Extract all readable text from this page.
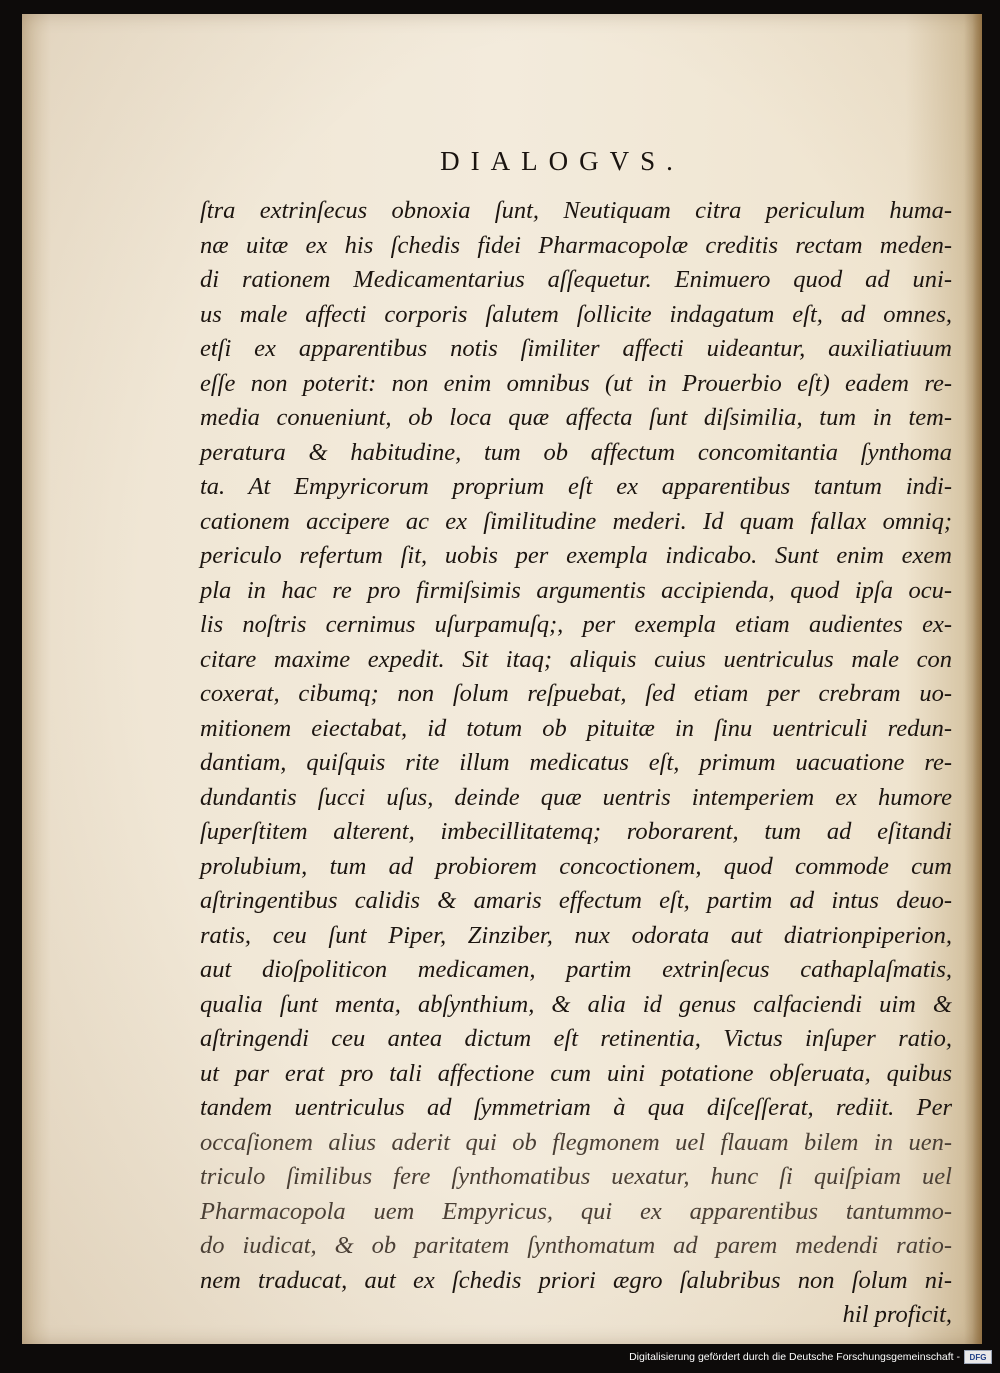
DIALOGVS.
ſtra extrinſecus obnoxia ſunt, Neutiquam citra periculum huma-
næ uitæ ex his ſchedis fidei Pharmacopolæ creditis rectam meden-
di rationem Medicamentarius aſſequetur. Enimuero quod ad uni-
us male affecti corporis ſalutem ſollicite indagatum eſt, ad omnes,
etſi ex apparentibus notis ſimiliter affecti uideantur, auxiliatiuum
eſſe non poterit: non enim omnibus (ut in Prouerbio eſt) eadem re-
media conueniunt, ob loca quæ affecta ſunt diſsimilia, tum in tem-
peratura & habitudine, tum ob affectum concomitantia ſynthoma
ta. At Empyricorum proprium eſt ex apparentibus tantum indi-
cationem accipere ac ex ſimilitudine mederi. Id quam fallax omniq;
periculo refertum ſit, uobis per exempla indicabo. Sunt enim exem
pla in hac re pro firmiſsimis argumentis accipienda, quod ipſa ocu-
lis noſtris cernimus uſurpamuſq;, per exempla etiam audientes ex-
citare maxime expedit. Sit itaq; aliquis cuius uentriculus male con
coxerat, cibumq; non ſolum reſpuebat, ſed etiam per crebram uo-
mitionem eiectabat, id totum ob pituitæ in ſinu uentriculi redun-
dantiam, quiſquis rite illum medicatus eſt, primum uacuatione re-
dundantis ſucci uſus, deinde quæ uentris intemperiem ex humore
ſuperſtitem alterent, imbecillitatemq; roborarent, tum ad eſitandi
prolubium, tum ad probiorem concoctionem, quod commode cum
aſtringentibus calidis & amaris effectum eſt, partim ad intus deuo-
ratis, ceu ſunt Piper, Zinziber, nux odorata aut diatrionpiperion,
aut dioſpoliticon medicamen, partim extrinſecus cathaplaſmatis,
qualia ſunt menta, abſynthium, & alia id genus calfaciendi uim &
aſtringendi ceu antea dictum eſt retinentia, Victus inſuper ratio,
ut par erat pro tali affectione cum uini potatione obſeruata, quibus
tandem uentriculus ad ſymmetriam à qua diſceſſerat, rediit. Per
occaſionem alius aderit qui ob flegmonem uel flauam bilem in uen-
triculo ſimilibus fere ſynthomatibus uexatur, hunc ſi quiſpiam uel
Pharmacopola uem Empyricus, qui ex apparentibus tantummo-
do iudicat, & ob paritatem ſynthomatum ad parem medendi ratio-
nem traducat, aut ex ſchedis priori ægro ſalubribus non ſolum ni-
hil proficit,
Digitalisierung gefördert durch die Deutsche Forschungsgemeinschaft -	DFG
